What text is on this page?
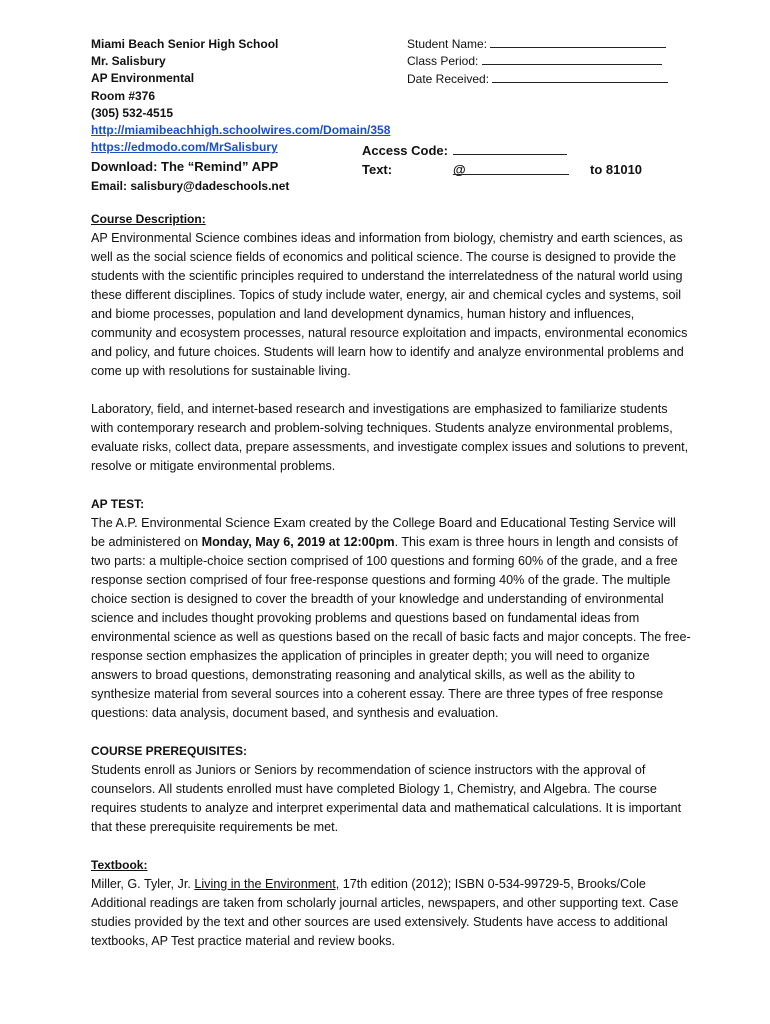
Miami Beach Senior High School
Mr. Salisbury
AP Environmental
Room #376
(305) 532-4515
http://miamibeachhigh.schoolwires.com/Domain/358
https://edmodo.com/MrSalisbury
Download: The “Remind” APP
Email: salisbury@dadeschools.net
Student Name:
Class Period:
Date Received:
Access Code:
Text:	@	to 81010
Course Description:

AP Environmental Science combines ideas and information from biology, chemistry and earth sciences, as well as the social science fields of economics and political science. The course is designed to provide the students with the scientific principles required to understand the interrelatedness of the natural world using these different disciplines. Topics of study include water, energy, air and chemical cycles and systems, soil and biome processes, population and land development dynamics, human history and influences, community and ecosystem processes, natural resource exploitation and impacts, environmental economics and policy, and future choices. Students will learn how to identify and analyze environmental problems and come up with resolutions for sustainable living.

Laboratory, field, and internet-based research and investigations are emphasized to familiarize students with contemporary research and problem-solving techniques. Students analyze environmental problems, evaluate risks, collect data, prepare assessments, and investigate complex issues and solutions to prevent, resolve or mitigate environmental problems.

AP TEST:

The A.P. Environmental Science Exam created by the College Board and Educational Testing Service will be administered on Monday, May 6, 2019 at 12:00pm. This exam is three hours in length and consists of two parts: a multiple-choice section comprised of 100 questions and forming 60% of the grade, and a free response section comprised of four free-response questions and forming 40% of the grade. The multiple choice section is designed to cover the breadth of your knowledge and understanding of environmental science and includes thought provoking problems and questions based on fundamental ideas from environmental science as well as questions based on the recall of basic facts and major concepts. The free-response section emphasizes the application of principles in greater depth; you will need to organize answers to broad questions, demonstrating reasoning and analytical skills, as well as the ability to synthesize material from several sources into a coherent essay. There are three types of free response questions: data analysis, document based, and synthesis and evaluation.

COURSE PREREQUISITES:

Students enroll as Juniors or Seniors by recommendation of science instructors with the approval of counselors. All students enrolled must have completed Biology 1, Chemistry, and Algebra. The course requires students to analyze and interpret experimental data and mathematical calculations. It is important that these prerequisite requirements be met.

Textbook:

Miller, G. Tyler, Jr. Living in the Environment, 17th edition (2012); ISBN 0-534-99729-5, Brooks/Cole

Additional readings are taken from scholarly journal articles, newspapers, and other supporting text. Case studies provided by the text and other sources are used extensively. Students have access to additional textbooks, AP Test practice material and review books.
